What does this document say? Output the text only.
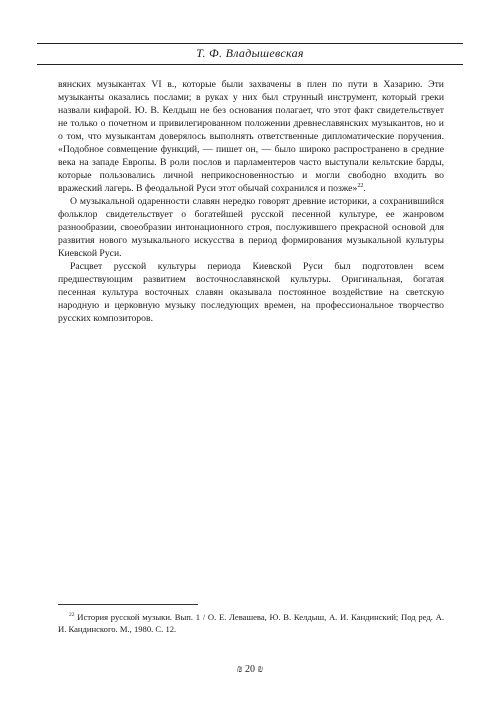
Т. Ф. Владышевская

вянских музыкантах VI в., которые были захвачены в плен по пути в Хазарию. Эти музыканты оказались послами; в руках у них был струнный инструмент, который греки назвали кифарой. Ю. В. Келдыш не без основания полагает, что этот факт свидетельствует не только о почетном и привилегированном положении древнеславянских музыкантов, но и о том, что музыкантам доверялось выполнять ответственные дипломатические поручения. «Подобное совмещение функций, — пишет он, — было широко распространено в средние века на западе Европы. В роли послов и парламентеров часто выступали кельтские барды, которые пользовались личной неприкосновенностью и могли свободно входить во вражеский лагерь. В феодальной Руси этот обычай сохранился и позже»$^{22}$.

О музыкальной одаренности славян нередко говорят древние историки, а сохранившийся фольклор свидетельствует о богатейшей русской песенной культуре, ее жанровом разнообразии, своеобразии интонационного строя, послужившего прекрасной основой для развития нового музыкального искусства в период формирования музыкальной культуры Киевской Руси.

Расцвет русской культуры периода Киевской Руси был подготовлен всем предшествующим развитием восточнославянской культуры. Оригинальная, богатая песенная культура восточных славян оказывала постоянное воздействие на светскую народную и церковную музыку последующих времен, на профессиональное творчество русских композиторов.

$^{22}$ История русской музыки. Вып. 1 / О. Е. Левашева, Ю. В. Келдыш, А. И. Кандинский; Под ред. А. И. Кандинского. М., 1980. С. 12.
₪ 20 ₪
